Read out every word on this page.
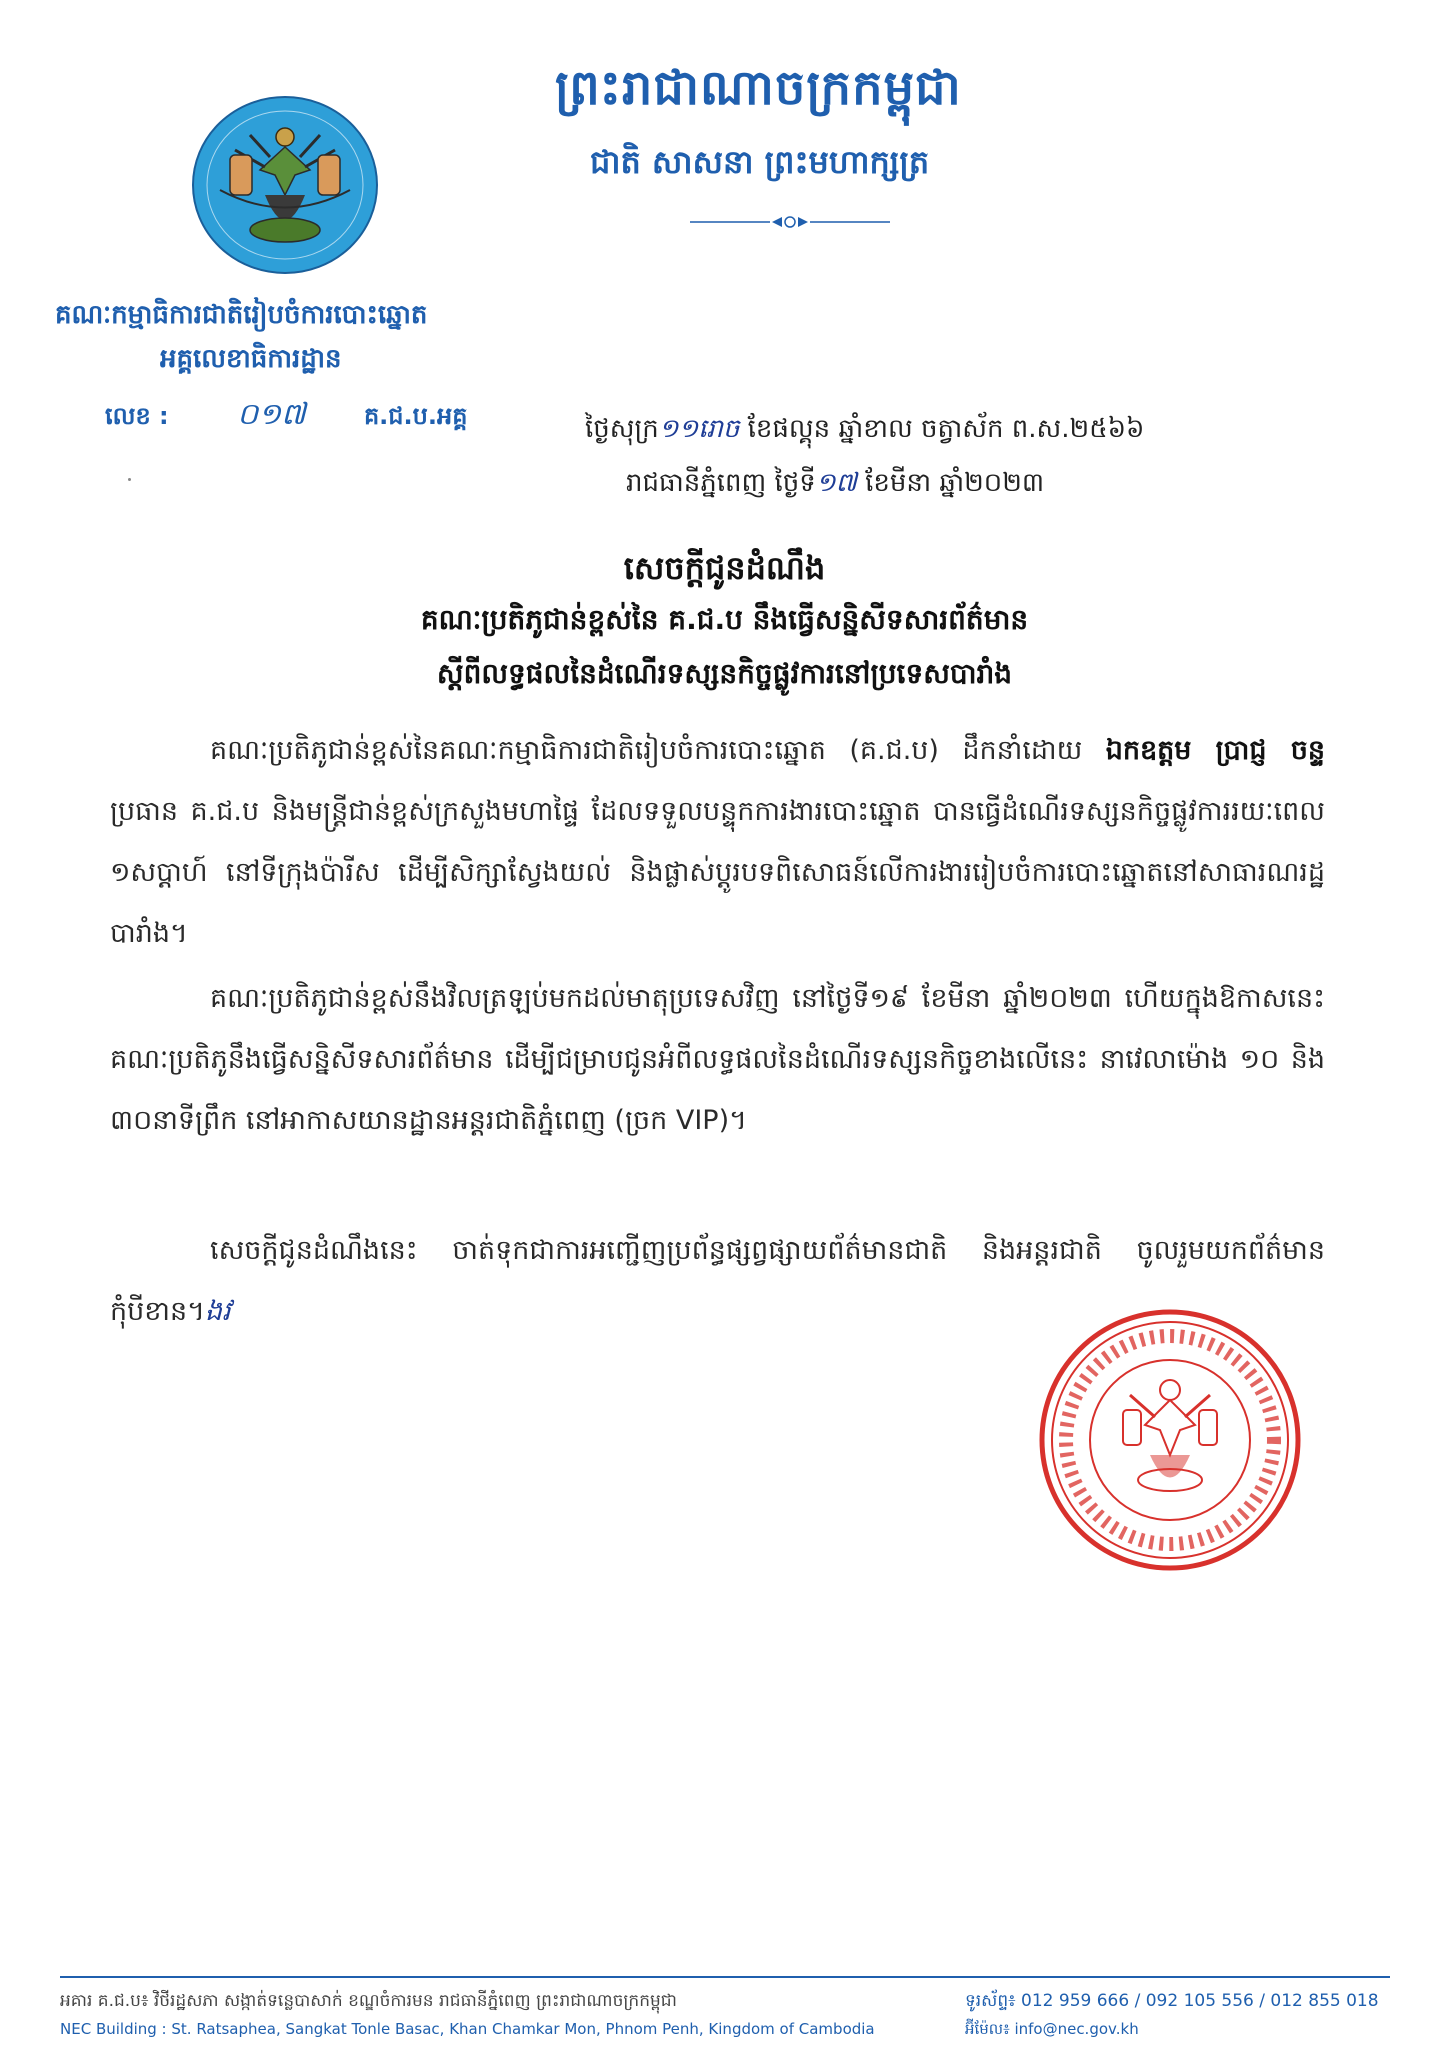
ព្រះរាជាណាចក្រកម្ពុជា
ជាតិ សាសនា ព្រះមហាក្សត្រ
គណៈកម្មាធិការជាតិរៀបចំការបោះឆ្នោត
អគ្គលេខាធិការដ្ឋាន
លេខ : ០១៧ គ.ជ.ប.អគ្គ	ថ្ងៃសុក្រ១១រោច ខែផល្គុន ឆ្នាំខាល ចត្វាស័ក ព.ស.២៥៦៦
រាជធានីភ្នំពេញ ថ្ងៃទី១៧ ខែមីនា ឆ្នាំ២០២៣
សេចក្តីជូនដំណឹង
គណៈប្រតិភូជាន់ខ្ពស់នៃ គ.ជ.ប នឹងធ្វើសន្និសីទសារព័ត៌មាន
ស្តីពីលទ្ធផលនៃដំណើរទស្សនកិច្ចផ្លូវការនៅប្រទេសបារាំង
គណៈប្រតិភូជាន់ខ្ពស់នៃគណៈកម្មាធិការជាតិរៀបចំការបោះឆ្នោត (គ.ជ.ប) ដឹកនាំដោយ ឯកឧត្តម ប្រាជ្ញ ចន្ទ ប្រធាន គ.ជ.ប និងមន្ត្រីជាន់ខ្ពស់ក្រសួងមហាផ្ទៃ ដែលទទួលបន្ទុកការងារបោះឆ្នោត បានធ្វើដំណើរទស្សនកិច្ចផ្លូវការរយៈពេល ១សប្តាហ៍ នៅទីក្រុងប៉ារីស ដើម្បីសិក្សាស្វែងយល់ និងផ្លាស់ប្តូរបទពិសោធន៍លើការងាររៀបចំការបោះឆ្នោតនៅសាធារណរដ្ឋបារាំង។
គណៈប្រតិភូជាន់ខ្ពស់នឹងវិលត្រឡប់មកដល់មាតុប្រទេសវិញ នៅថ្ងៃទី១៩ ខែមីនា ឆ្នាំ២០២៣ ហើយក្នុងឱកាសនេះ គណៈប្រតិភូនឹងធ្វើសន្និសីទសារព័ត៌មាន ដើម្បីជម្រាបជូនអំពីលទ្ធផលនៃដំណើរទស្សនកិច្ចខាងលើនេះ នាវេលាម៉ោង ១០ និង ៣០នាទីព្រឹក នៅអាកាសយានដ្ឋានអន្តរជាតិភ្នំពេញ (ច្រក VIP)។
សេចក្តីជូនដំណឹងនេះ ចាត់ទុកជាការអញ្ជើញប្រព័ន្ធផ្សព្វផ្សាយព័ត៌មានជាតិ និងអន្តរជាតិ ចូលរួមយកព័ត៌មានកុំបីខាន។ងវ
អគារ គ.ជ.ប៖ វិថីរដ្ឋសភា សង្កាត់ទន្លេបាសាក់ ខណ្ឌចំការមន រាជធានីភ្នំពេញ ព្រះរាជាណាចក្រកម្ពុជា
NEC Building : St. Ratsaphea, Sangkat Tonle Basac, Khan Chamkar Mon, Phnom Penh, Kingdom of Cambodia
ទូរស័ព្ទ៖ 012 959 666 / 092 105 556 / 012 855 018
អ៊ីម៉ែល៖ info@nec.gov.kh
